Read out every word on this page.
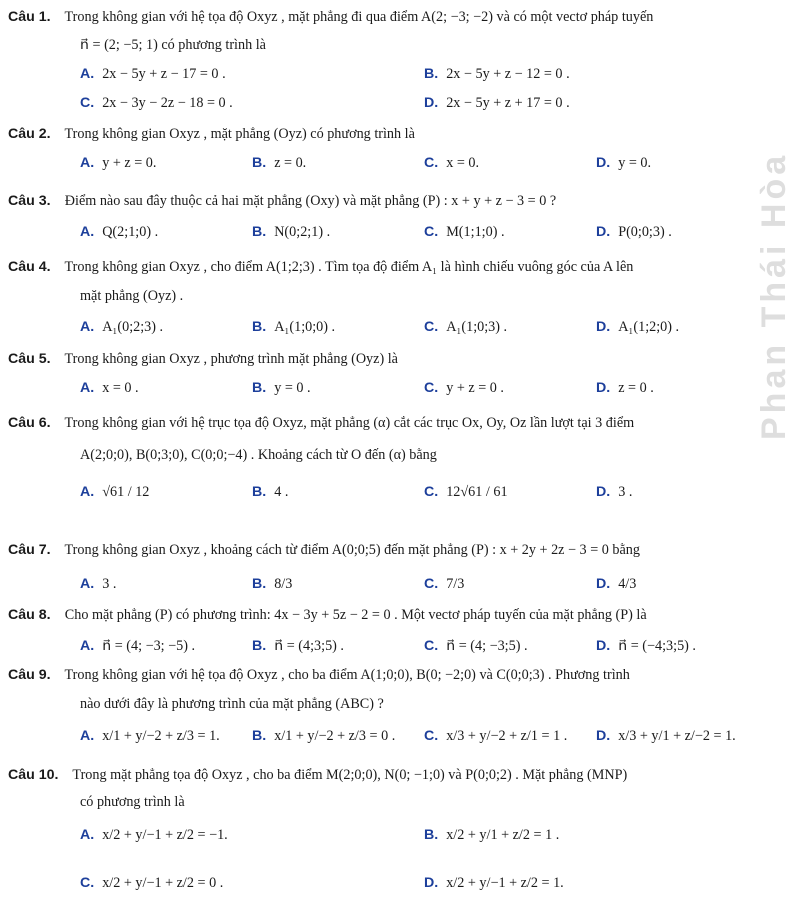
Phan Thái Hòa
Câu 1. Trong không gian với hệ tọa độ Oxyz , mặt phẳng đi qua điểm A(2; −3; −2) và có một vectơ pháp tuyến
n⃗ = (2; −5; 1) có phương trình là
A. 2x − 5y + z − 17 = 0 .	B. 2x − 5y + z − 12 = 0 .
C. 2x − 3y − 2z − 18 = 0 .	D. 2x − 5y + z + 17 = 0 .
Câu 2. Trong không gian Oxyz , mặt phẳng (Oyz) có phương trình là
A. y + z = 0.	B. z = 0.	C. x = 0.	D. y = 0.
Câu 3. Điểm nào sau đây thuộc cả hai mặt phẳng (Oxy) và mặt phẳng (P) : x + y + z − 3 = 0 ?
A. Q(2;1;0) .	B. N(0;2;1) .	C. M(1;1;0) .	D. P(0;0;3) .
Câu 4. Trong không gian Oxyz , cho điểm A(1;2;3) . Tìm tọa độ điểm A₁ là hình chiếu vuông góc của A lên
mặt phẳng (Oyz) .
A. A₁(0;2;3) .	B. A₁(1;0;0) .	C. A₁(1;0;3) .	D. A₁(1;2;0) .
Câu 5. Trong không gian Oxyz , phương trình mặt phẳng (Oyz) là
A. x = 0 .	B. y = 0 .	C. y + z = 0 .	D. z = 0 .
Câu 6. Trong không gian với hệ trục tọa độ Oxyz, mặt phẳng (α) cắt các trục Ox, Oy, Oz lần lượt tại 3 điểm
A(2;0;0), B(0;3;0), C(0;0;−4) . Khoảng cách từ O đến (α) bằng
A. √61 / 12	B. 4 .	C. 12√61 / 61	D. 3 .
Câu 7. Trong không gian Oxyz , khoảng cách từ điểm A(0;0;5) đến mặt phẳng (P) : x + 2y + 2z − 3 = 0 bằng
A. 3 .	B. 8/3	C. 7/3	D. 4/3
Câu 8. Cho mặt phẳng (P) có phương trình: 4x − 3y + 5z − 2 = 0 . Một vectơ pháp tuyến của mặt phẳng (P) là
A. n⃗ = (4; −3; −5) .	B. n⃗ = (4;3;5) .	C. n⃗ = (4; −3;5) .	D. n⃗ = (−4;3;5) .
Câu 9. Trong không gian với hệ tọa độ Oxyz , cho ba điểm A(1;0;0), B(0; −2;0) và C(0;0;3) . Phương trình
nào dưới đây là phương trình của mặt phẳng (ABC) ?
A. x/1 + y/−2 + z/3 = 1. B. x/1 + y/−2 + z/3 = 0 . C. x/3 + y/−2 + z/1 = 1 . D. x/3 + y/1 + z/−2 = 1.
Câu 10. Trong mặt phẳng tọa độ Oxyz , cho ba điểm M(2;0;0), N(0; −1;0) và P(0;0;2) . Mặt phẳng (MNP)
có phương trình là
A. x/2 + y/−1 + z/2 = −1.	B. x/2 + y/1 + z/2 = 1 .
C. x/2 + y/−1 + z/2 = 0 .	D. x/2 + y/−1 + z/2 = 1.
